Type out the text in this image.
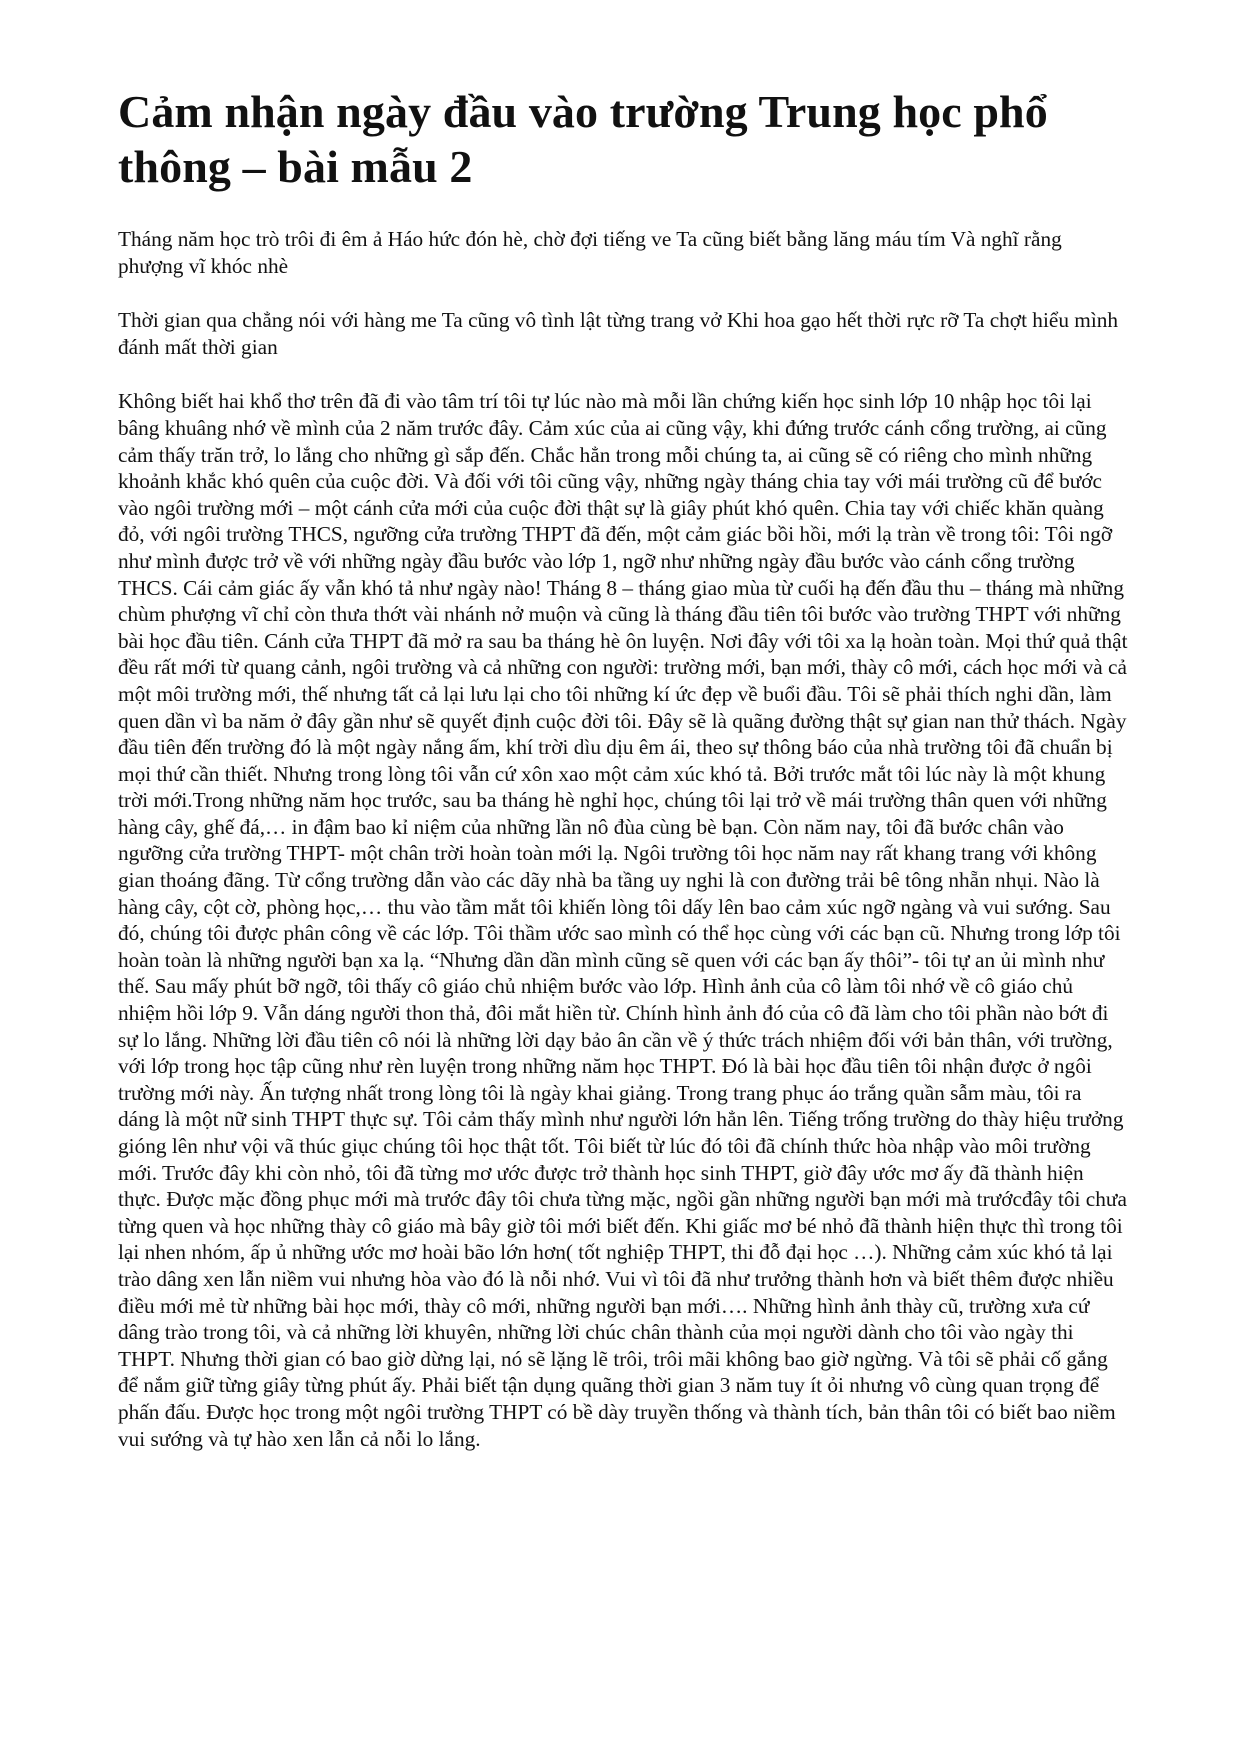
Cảm nhận ngày đầu vào trường Trung học phổ thông – bài mẫu 2

Tháng năm học trò trôi đi êm ả Háo hức đón hè, chờ đợi tiếng ve Ta cũng biết bằng lăng máu tím Và nghĩ rằng phượng vĩ khóc nhè

Thời gian qua chẳng nói với hàng me Ta cũng vô tình lật từng trang vở Khi hoa gạo hết thời rực rỡ Ta chợt hiểu mình đánh mất thời gian

Không biết hai khổ thơ trên đã đi vào tâm trí tôi tự lúc nào mà mỗi lần chứng kiến học sinh lớp 10 nhập học tôi lại bâng khuâng nhớ về mình của 2 năm trước đây. Cảm xúc của ai cũng vậy, khi đứng trước cánh cổng trường, ai cũng cảm thấy trăn trở, lo lắng cho những gì sắp đến. Chắc hẳn trong mỗi chúng ta, ai cũng sẽ có riêng cho mình những khoảnh khắc khó quên của cuộc đời. Và đối với tôi cũng vậy, những ngày tháng chia tay với mái trường cũ để bước vào ngôi trường mới – một cánh cửa mới của cuộc đời thật sự là giây phút khó quên. Chia tay với chiếc khăn quàng đỏ, với ngôi trường THCS, ngưỡng cửa trường THPT đã đến, một cảm giác bồi hồi, mới lạ tràn về trong tôi: Tôi ngỡ như mình được trở về với những ngày đầu bước vào lớp 1, ngỡ như những ngày đầu bước vào cánh cổng trường THCS. Cái cảm giác ấy vẫn khó tả như ngày nào! Tháng 8 – tháng giao mùa từ cuối hạ đến đầu thu – tháng mà những chùm phượng vĩ chỉ còn thưa thớt vài nhánh nở muộn và cũng là tháng đầu tiên tôi bước vào trường THPT với những bài học đầu tiên. Cánh cửa THPT đã mở ra sau ba tháng hè ôn luyện. Nơi đây với tôi xa lạ hoàn toàn. Mọi thứ quả thật đều rất mới từ quang cảnh, ngôi trường và cả những con người: trường mới, bạn mới, thày cô mới, cách học mới và cả một môi trường mới, thế nhưng tất cả lại lưu lại cho tôi những kí ức đẹp về buổi đầu. Tôi sẽ phải thích nghi dần, làm quen dần vì ba năm ở đây gần như sẽ quyết định cuộc đời tôi. Đây sẽ là quãng đường thật sự gian nan thử thách. Ngày đầu tiên đến trường đó là một ngày nắng ấm, khí trời dìu dịu êm ái, theo sự thông báo của nhà trường tôi đã chuẩn bị mọi thứ cần thiết. Nhưng trong lòng tôi vẫn cứ xôn xao một cảm xúc khó tả. Bởi trước mắt tôi lúc này là một khung trời mới.Trong những năm học trước, sau ba tháng hè nghỉ học, chúng tôi lại trở về mái trường thân quen với những hàng cây, ghế đá,… in đậm bao kỉ niệm của những lần nô đùa cùng bè bạn. Còn năm nay, tôi đã bước chân vào ngưỡng cửa trường THPT- một chân trời hoàn toàn mới lạ. Ngôi trường tôi học năm nay rất khang trang với không gian thoáng đãng. Từ cổng trường dẫn vào các dãy nhà ba tầng uy nghi là con đường trải bê tông nhẵn nhụi. Nào là hàng cây, cột cờ, phòng học,… thu vào tầm mắt tôi khiến lòng tôi dấy lên bao cảm xúc ngỡ ngàng và vui sướng. Sau đó, chúng tôi được phân công về các lớp. Tôi thầm ước sao mình có thể học cùng với các bạn cũ. Nhưng trong lớp tôi hoàn toàn là những người bạn xa lạ. “Nhưng dần dần mình cũng sẽ quen với các bạn ấy thôi”- tôi tự an ủi mình như thế. Sau mấy phút bỡ ngỡ, tôi thấy cô giáo chủ nhiệm bước vào lớp. Hình ảnh của cô làm tôi nhớ về cô giáo chủ nhiệm hồi lớp 9. Vẫn dáng người thon thả, đôi mắt hiền từ. Chính hình ảnh đó của cô đã làm cho tôi phần nào bớt đi sự lo lắng. Những lời đầu tiên cô nói là những lời dạy bảo ân cần về ý thức trách nhiệm đối với bản thân, với trường, với lớp trong học tập cũng như rèn luyện trong những năm học THPT. Đó là bài học đầu tiên tôi nhận được ở ngôi trường mới này. Ấn tượng nhất trong lòng tôi là ngày khai giảng. Trong trang phục áo trắng quần sẫm màu, tôi ra dáng là một nữ sinh THPT thực sự. Tôi cảm thấy mình như người lớn hẳn lên. Tiếng trống trường do thày hiệu trưởng gióng lên như vội vã thúc giục chúng tôi học thật tốt. Tôi biết từ lúc đó tôi đã chính thức hòa nhập vào môi trường mới. Trước đây khi còn nhỏ, tôi đã từng mơ ước được trở thành học sinh THPT, giờ đây ước mơ ấy đã thành hiện thực. Được mặc đồng phục mới mà trước đây tôi chưa từng mặc, ngồi gần những người bạn mới mà trướcđây tôi chưa từng quen và học những thày cô giáo mà bây giờ tôi mới biết đến. Khi giấc mơ bé nhỏ đã thành hiện thực thì trong tôi lại nhen nhóm, ấp ủ những ước mơ hoài bão lớn hơn( tốt nghiệp THPT, thi đỗ đại học …). Những cảm xúc khó tả lại trào dâng xen lẫn niềm vui nhưng hòa vào đó là nỗi nhớ. Vui vì tôi đã như trưởng thành hơn và biết thêm được nhiều điều mới mẻ từ những bài học mới, thày cô mới, những người bạn mới…. Những hình ảnh thày cũ, trường xưa cứ dâng trào trong tôi, và cả những lời khuyên, những lời chúc chân thành của mọi người dành cho tôi vào ngày thi THPT. Nhưng thời gian có bao giờ dừng lại, nó sẽ lặng lẽ trôi, trôi mãi không bao giờ ngừng. Và tôi sẽ phải cố gắng để nắm giữ từng giây từng phút ấy. Phải biết tận dụng quãng thời gian 3 năm tuy ít ỏi nhưng vô cùng quan trọng để phấn đấu. Được học trong một ngôi trường THPT có bề dày truyền thống và thành tích, bản thân tôi có biết bao niềm vui sướng và tự hào xen lẫn cả nỗi lo lắng.
